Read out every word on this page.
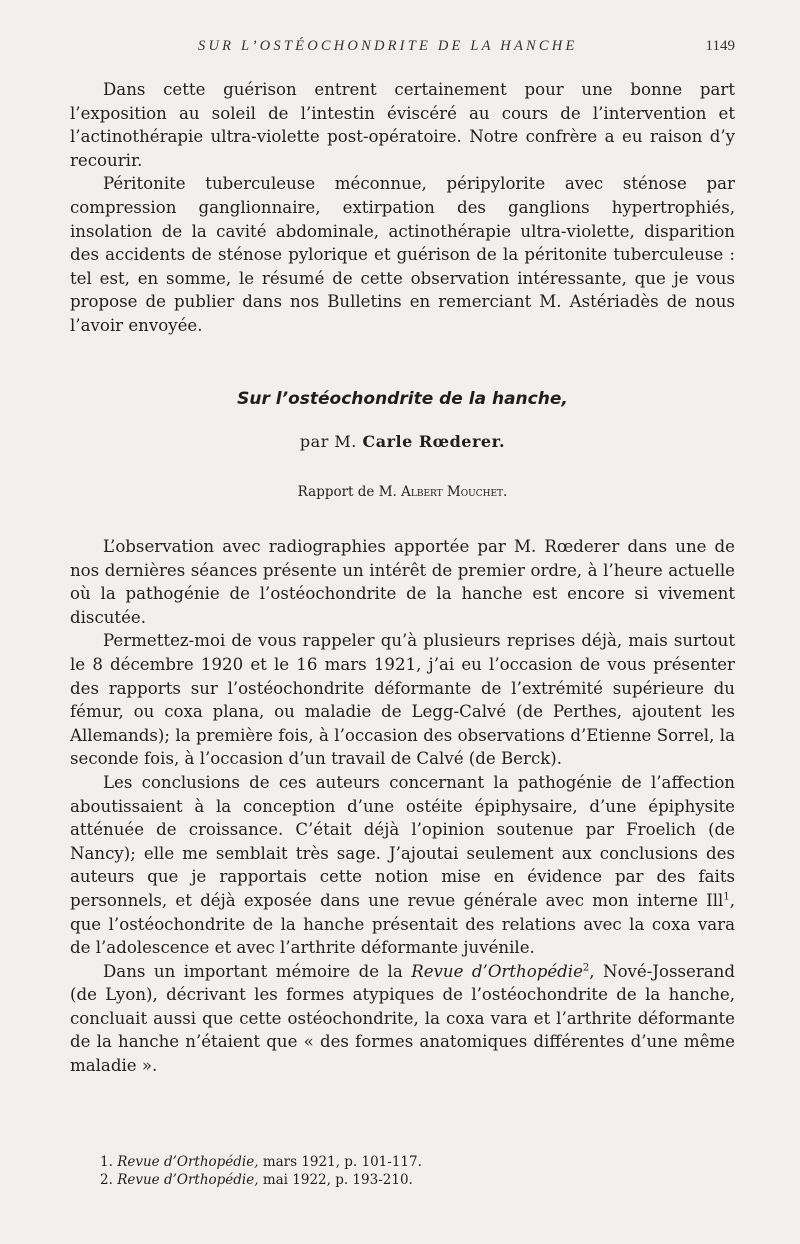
SUR L’OSTÉOCHONDRITE DE LA HANCHE	1149

Dans cette guérison entrent certainement pour une bonne part l’exposition au soleil de l’intestin éviscéré au cours de l’intervention et l’actinothérapie ultra-violette post-opératoire. Notre confrère a eu raison d’y recourir.

Péritonite tuberculeuse méconnue, péripylorite avec sténose par compression ganglionnaire, extirpation des ganglions hypertrophiés, insolation de la cavité abdominale, actinothérapie ultra-violette, disparition des accidents de sténose pylorique et guérison de la péritonite tuberculeuse : tel est, en somme, le résumé de cette observation intéressante, que je vous propose de publier dans nos Bulletins en remerciant M. Astériadès de nous l’avoir envoyée.

Sur l’ostéochondrite de la hanche,
par M. Carle Rœderer.
Rapport de M. Albert Mouchet.

L’observation avec radiographies apportée par M. Rœderer dans une de nos dernières séances présente un intérêt de premier ordre, à l’heure actuelle où la pathogénie de l’ostéochondrite de la hanche est encore si vivement discutée.

Permettez-moi de vous rappeler qu’à plusieurs reprises déjà, mais surtout le 8 décembre 1920 et le 16 mars 1921, j’ai eu l’occasion de vous présenter des rapports sur l’ostéochondrite déformante de l’extrémité supérieure du fémur, ou coxa plana, ou maladie de Legg-Calvé (de Perthes, ajoutent les Allemands); la première fois, à l’occasion des observations d’Etienne Sorrel, la seconde fois, à l’occasion d’un travail de Calvé (de Berck).

Les conclusions de ces auteurs concernant la pathogénie de l’affection aboutissaient à la conception d’une ostéite épiphysaire, d’une épiphysite atténuée de croissance. C’était déjà l’opinion soutenue par Froelich (de Nancy); elle me semblait très sage. J’ajoutai seulement aux conclusions des auteurs que je rapportais cette notion mise en évidence par des faits personnels, et déjà exposée dans une revue générale avec mon interne Ill$^1$, que l’ostéochondrite de la hanche présentait des relations avec la coxa vara de l’adolescence et avec l’arthrite déformante juvénile.

Dans un important mémoire de la Revue d’Orthopédie$^2$, Nové-Josserand (de Lyon), décrivant les formes atypiques de l’ostéochondrite de la hanche, concluait aussi que cette ostéochondrite, la coxa vara et l’arthrite déformante de la hanche n’étaient que « des formes anatomiques différentes d’une même maladie ».

1. Revue d’Orthopédie, mars 1921, p. 101-117.
2. Revue d’Orthopédie, mai 1922, p. 193-210.
